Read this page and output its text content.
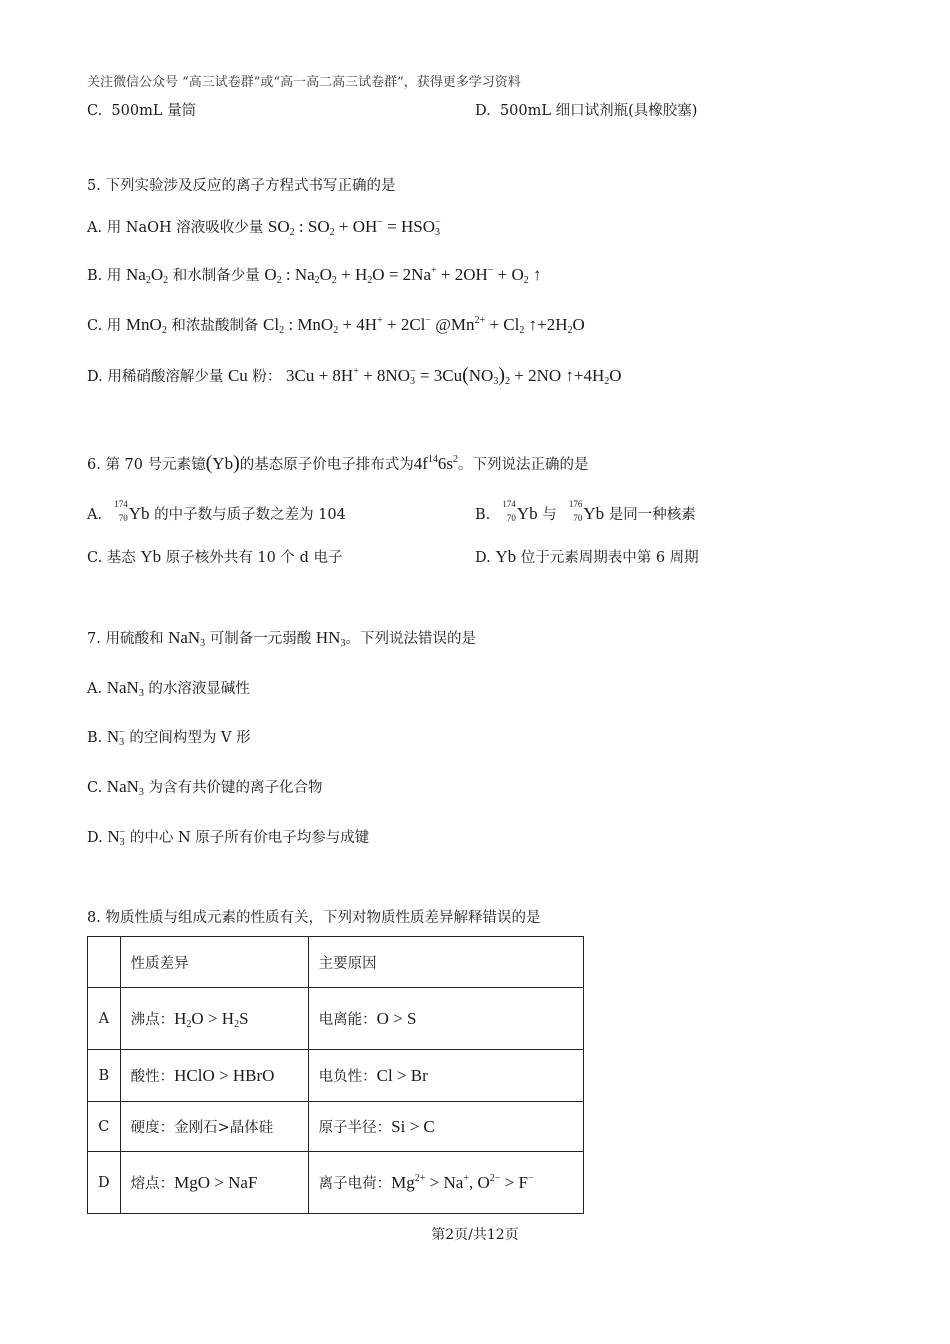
关注微信公众号 “高三试卷群”或“高一高二高三试卷群”，获得更多学习资料
C. 500mL 量筒	D. 500mL 细口试剂瓶(具橡胶塞)
5. 下列实验涉及反应的离子方程式书写正确的是
A. 用 NaOH 溶液吸收少量 $SO_2$ : $SO_2 + OH^- = HSO_3^-$
B. 用 $Na_2O_2$ 和水制备少量 $O_2$ : $Na_2O_2 + H_2O = 2Na^+ + 2OH^- + O_2$ ↑
C. 用 MnO$_2$ 和浓盐酸制备 $Cl_2$ : MnO$_2$ + 4H+ + 2Cl− $@Mn^{2+} + Cl_2$ $↑+2H_2O$
D. 用稀硝酸溶解少量 Cu 粉： $3Cu + 8H^+ + 8NO_3^- = 3Cu(NO_3)_2 + 2NO$ $↑+4H_2O$
6. 第 70 号元素镱(Yb)的基态原子价电子排布式为$4f^{14}6s^2$。下列说法正确的是
A.
174
70 Yb 的中子数与质子数之差为 104	B.
174
70 Yb 与
176
70 Yb 是同一种核素
C. 基态 Yb 原子核外共有 10 个 d 电子	D. Yb 位于元素周期表中第 6 周期
7. 用硫酸和 NaN$_3$ 可制备一元弱酸 $HN_3$。下列说法错误的是
A. NaN$_3$ 的水溶液显碱性
B. $N_3^-$ 的空间构型为 V 形
C. NaN$_3$ 为含有共价键的离子化合物
D. $N_3^-$ 的中心 N 原子所有价电子均参与成键
8. 物质性质与组成元素的性质有关，下列对物质性质差异解释错误的是
	性质差异	主要原因
A	沸点：$H_2O > H_2S$	电离能：O > S
B	酸性：HClO > HBrO	电负性：Cl > Br
C	硬度：金刚石>晶体硅	原子半径：Si > C
D	熔点：MgO > NaF	离子电荷：$Mg^{2+} > Na^+$, $O^{2-} > F^-$
第2页/共12页
